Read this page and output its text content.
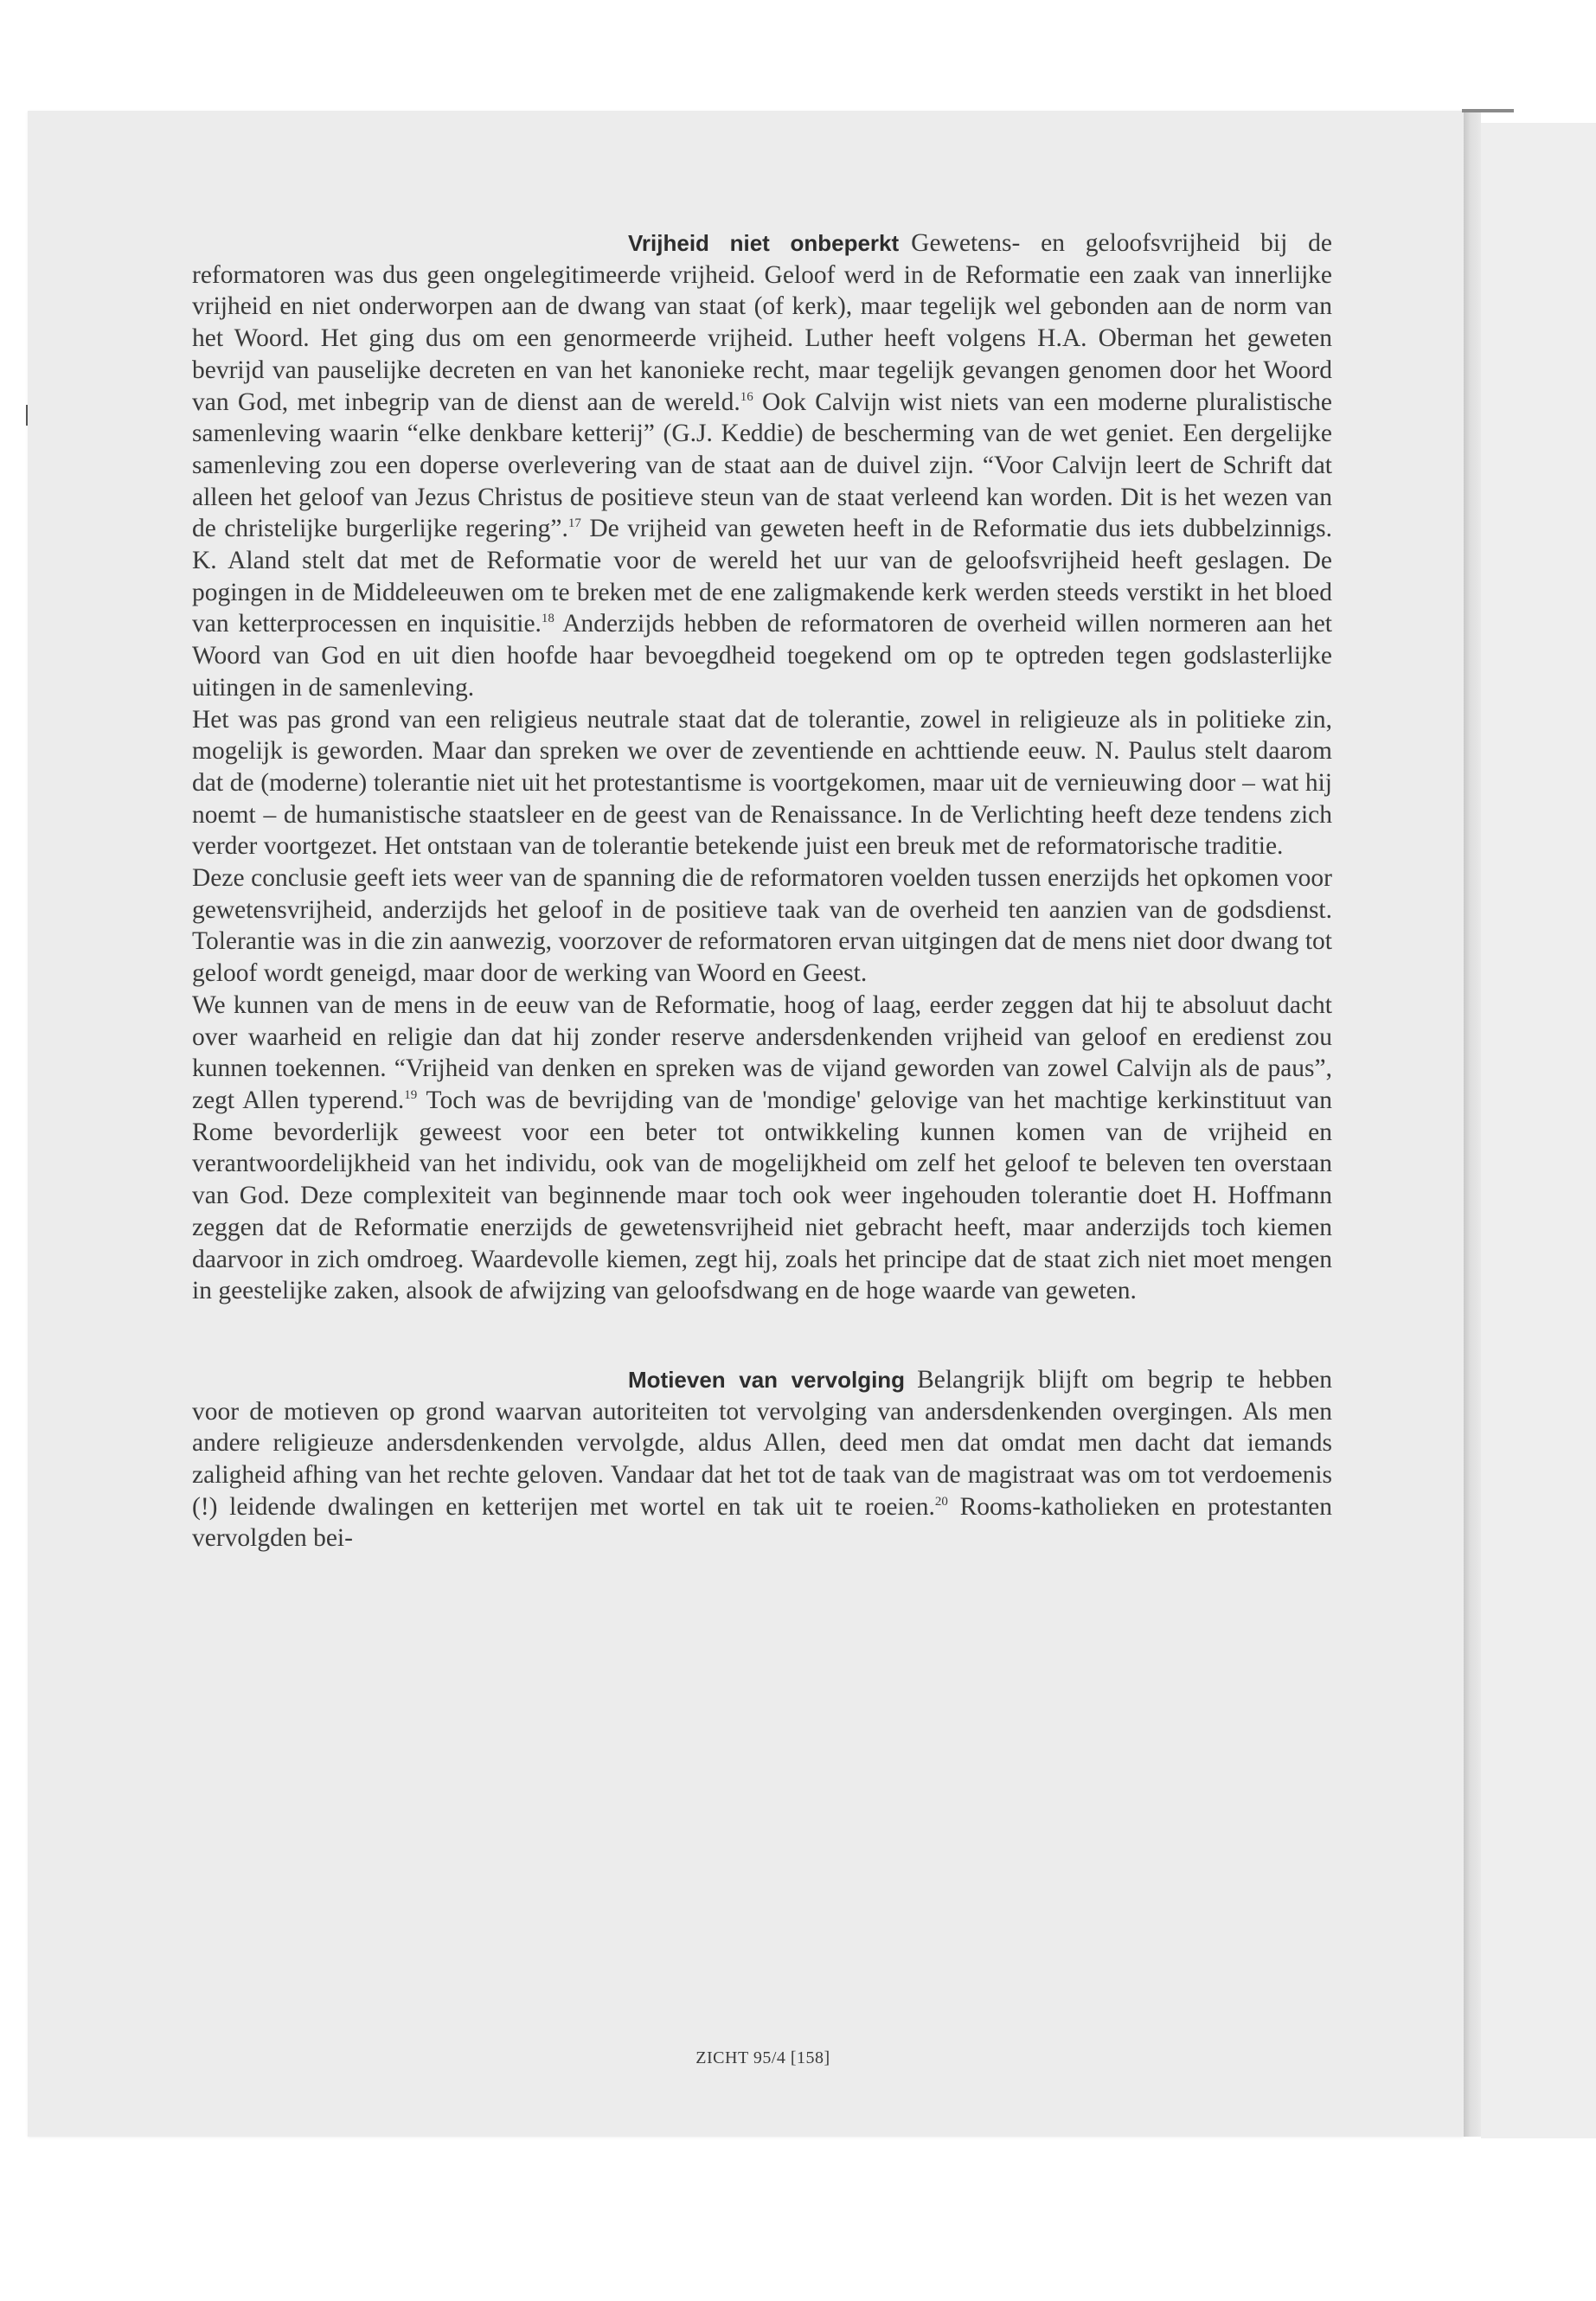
Vrijheid niet onbeperkt Gewetens- en geloofsvrijheid bij de reformatoren was dus geen ongelegitimeerde vrijheid. Geloof werd in de Reformatie een zaak van innerlijke vrijheid en niet onderworpen aan de dwang van staat (of kerk), maar tegelijk wel gebonden aan de norm van het Woord. Het ging dus om een genormeerde vrijheid. Luther heeft volgens H.A. Oberman het geweten bevrijd van pauselijke decreten en van het kanonieke recht, maar tegelijk gevangen genomen door het Woord van God, met inbegrip van de dienst aan de wereld.$^{16}$ Ook Calvijn wist niets van een moderne pluralistische samenleving waarin “elke denkbare ketterij” (G.J. Keddie) de bescherming van de wet geniet. Een dergelijke samenleving zou een doperse overlevering van de staat aan de duivel zijn. “Voor Calvijn leert de Schrift dat alleen het geloof van Jezus Christus de positieve steun van de staat verleend kan worden. Dit is het wezen van de christelijke burgerlijke regering”.$^{17}$ De vrijheid van geweten heeft in de Reformatie dus iets dubbelzinnigs. K. Aland stelt dat met de Reformatie voor de wereld het uur van de geloofsvrijheid heeft geslagen. De pogingen in de Middeleeuwen om te breken met de ene zaligmakende kerk werden steeds verstikt in het bloed van ketterprocessen en inquisitie.$^{18}$ Anderzijds hebben de reformatoren de overheid willen normeren aan het Woord van God en uit dien hoofde haar bevoegdheid toegekend om op te optreden tegen godslasterlijke uitingen in de samenleving.

Het was pas grond van een religieus neutrale staat dat de tolerantie, zowel in religieuze als in politieke zin, mogelijk is geworden. Maar dan spreken we over de zeventiende en achttiende eeuw. N. Paulus stelt daarom dat de (moderne) tolerantie niet uit het protestantisme is voortgekomen, maar uit de vernieuwing door – wat hij noemt – de humanistische staatsleer en de geest van de Renaissance. In de Verlichting heeft deze tendens zich verder voortgezet. Het ontstaan van de tolerantie betekende juist een breuk met de reformatorische traditie.

Deze conclusie geeft iets weer van de spanning die de reformatoren voelden tussen enerzijds het opkomen voor gewetensvrijheid, anderzijds het geloof in de positieve taak van de overheid ten aanzien van de godsdienst. Tolerantie was in die zin aanwezig, voorzover de reformatoren ervan uitgingen dat de mens niet door dwang tot geloof wordt geneigd, maar door de werking van Woord en Geest.

We kunnen van de mens in de eeuw van de Reformatie, hoog of laag, eerder zeggen dat hij te absoluut dacht over waarheid en religie dan dat hij zonder reserve andersdenkenden vrijheid van geloof en eredienst zou kunnen toekennen. “Vrijheid van denken en spreken was de vijand geworden van zowel Calvijn als de paus”, zegt Allen typerend.$^{19}$ Toch was de bevrijding van de 'mondige' gelovige van het machtige kerkinstituut van Rome bevorderlijk geweest voor een beter tot ontwikkeling kunnen komen van de vrijheid en verantwoordelijkheid van het individu, ook van de mogelijkheid om zelf het geloof te beleven ten overstaan van God. Deze complexiteit van beginnende maar toch ook weer ingehouden tolerantie doet H. Hoffmann zeggen dat de Reformatie enerzijds de gewetensvrijheid niet gebracht heeft, maar anderzijds toch kiemen daarvoor in zich omdroeg. Waardevolle kiemen, zegt hij, zoals het principe dat de staat zich niet moet mengen in geestelijke zaken, alsook de afwijzing van geloofsdwang en de hoge waarde van geweten.

Motieven van vervolging Belangrijk blijft om begrip te hebben voor de motieven op grond waarvan autoriteiten tot vervolging van andersdenkenden overgingen. Als men andere religieuze andersdenkenden vervolgde, aldus Allen, deed men dat omdat men dacht dat iemands zaligheid afhing van het rechte geloven. Vandaar dat het tot de taak van de magistraat was om tot verdoemenis (!) leidende dwalingen en ketterijen met wortel en tak uit te roeien.$^{20}$ Rooms-katholieken en protestanten vervolgden bei-

ZICHT 95/4 [158]
